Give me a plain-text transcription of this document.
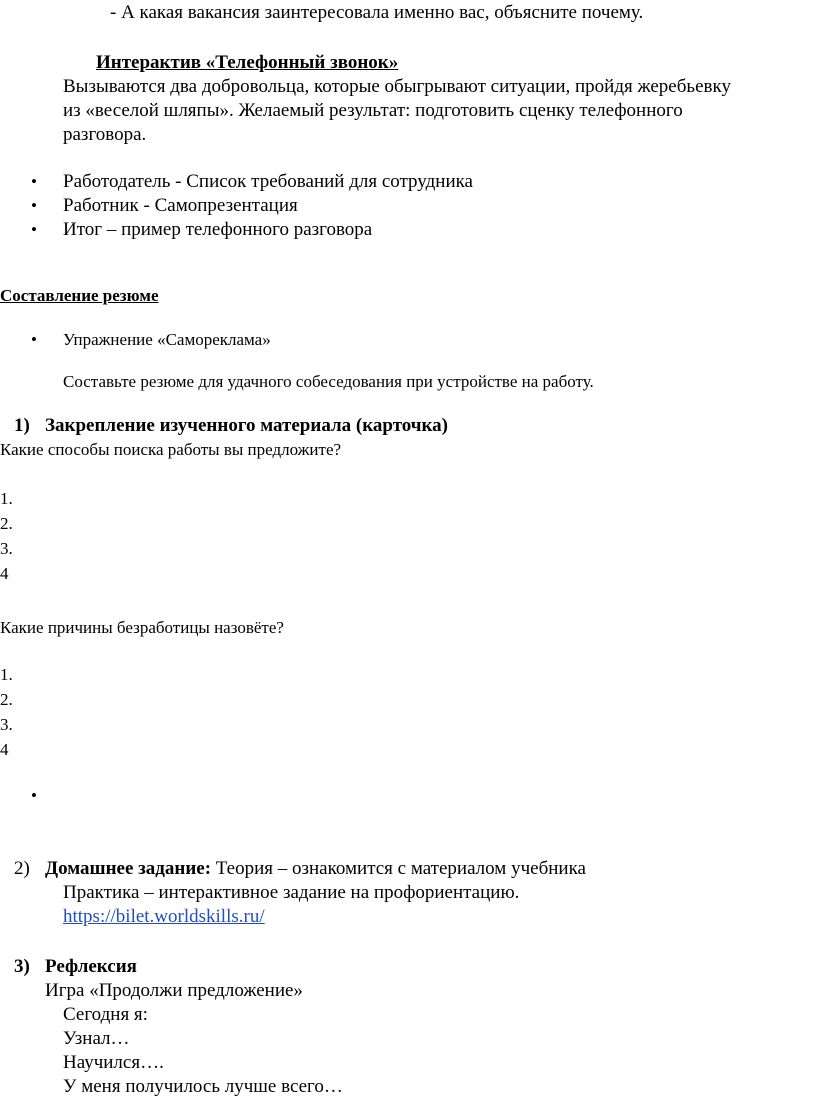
- А какая вакансия заинтересовала именно вас, объясните почему.
Интерактив «Телефонный звонок»
Вызываются два добровольца, которые обыгрывают ситуации, пройдя жеребьевку
из «веселой шляпы». Желаемый результат: подготовить сценку телефонного
разговора.
• Работодатель - Список требований для сотрудника
• Работник - Самопрезентация
• Итог – пример телефонного разговора
Составление резюме
• Упражнение «Самореклама»
Составьте резюме для удачного собеседования при устройстве на работу.
1) Закрепление изученного материала (карточка)
Какие способы поиска работы вы предложите?
1.
2.
3.
4
Какие причины безработицы назовёте?
1.
2.
3.
4
•
2) Домашнее задание: Теория – ознакомится с материалом учебника
Практика – интерактивное задание на профориентацию.
https://bilet.worldskills.ru/
3) Рефлексия
Игра «Продолжи предложение»
Сегодня я:
Узнал…
Научился….
У меня получилось лучше всего…
